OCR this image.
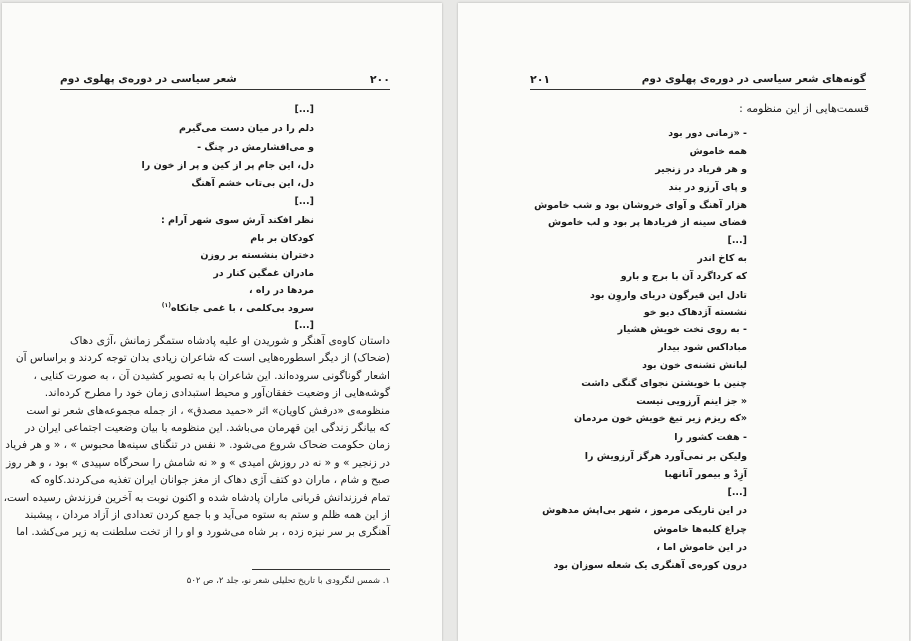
شعر سیاسی در دوره‌ی پهلوی دوم	۲۰۰
[...]
دلم را در میان دست می‌گیرم
و می‌افشارمش در چنگ -
دل، این جام پر از کین و پر از خون را
دل، این بی‌تاب خشم آهنگ
[...]
نظر افکند آرش سوی شهر آرام :
کودکان بر بام
دختران بنشسته بر روزن
مادران غمگین کنار در
مردها در راه ،
سرود بی‌کلمی ، با غمی جانکاه$^{(۱)}$
[...]
داستان کاوه‌ی آهنگر و شوریدن او علیه پادشاه ستمگر زمانش ،آژی دهاک
(ضحاک) از دیگر اسطوره‌هایی است که شاعران زیادی بدان توجه کردند و براساس آن
اشعار گوناگونی سروده‌اند. این شاعران با به تصویر کشیدن آن ، به صورت کنایی ،
گوشه‌هایی از وضعیت خفقان‌آور و محیط استبدادی زمان خود را مطرح کرده‌اند.
منظومه‌ی «درفش کاویان» اثر «حمید مصدق» ، از جمله مجموعه‌های شعر نو است
که بیانگر زندگی این قهرمان می‌باشد. این منظومه با بیان وضعیت اجتماعی ایران در
زمان حکومت ضحاک شروع می‌شود. « نفس در تنگنای سینه‌ها محبوس » ، « و هر فریاد
در زنجیر » و « نه در روزش امیدی » و « نه شامش را سحرگاه سپیدی » بود ، و هر روز
صبح و شام ، ماران دو کتف آژی دهاک از مغز جوانان ایران تغذیه می‌کردند.کاوه که
تمام فرزندانش قربانی ماران پادشاه شده و اکنون نوبت به آخرین فرزندش رسیده است،
از این همه ظلم و ستم به ستوه می‌آید و با جمع کردن تعدادی از آزاد مردان ، پیشبند
آهنگری بر سر نیزه زده ، بر شاه می‌شورد و او را از تخت سلطنت به زیر می‌کشد. اما
۱. شمس لنگرودی با تاریخ تحلیلی شعر نو، جلد ۲، ص ۵۰۲
۲۰۱	گونه‌های شعر سیاسی در دوره‌ی پهلوی دوم
قسمت‌هایی از این منظومه :
- «زمانی دور بود
همه خاموش
و هر فریاد در زنجیر
و پای آرزو در بند
هزار آهنگ و آوای خروشان بود و شب خاموش
فضای سینه از فریادها پر بود و لب خاموش
[...]
به کاخ اندر
که کرداگرد آن با برج و بارو
تادل این قیرگون دریای واروِن بود
نشسته آژدهاک دیو خو
- به روی تخت خویش هشیار
مباداکس شود بیدار
لبانش تشنه‌ی خون بود
چنین با خویشتن نجوای گنگی داشت
« جز اینم آرزویی نیست
«که ریزم زیر تیغ خویش خون مردمان
- هفت کشور را
ولیکن بر نمی‌آورد هرگز آرزویش را
آزِدْ و بیمور آنانهبا
[...]
در این تاریکی مرموز ، شهر بی‌اپش مدهوش
چراغ کلبه‌ها خاموش
در این خاموش اما ،
درون کوره‌ی آهنگری یک شعله سوزان بود
